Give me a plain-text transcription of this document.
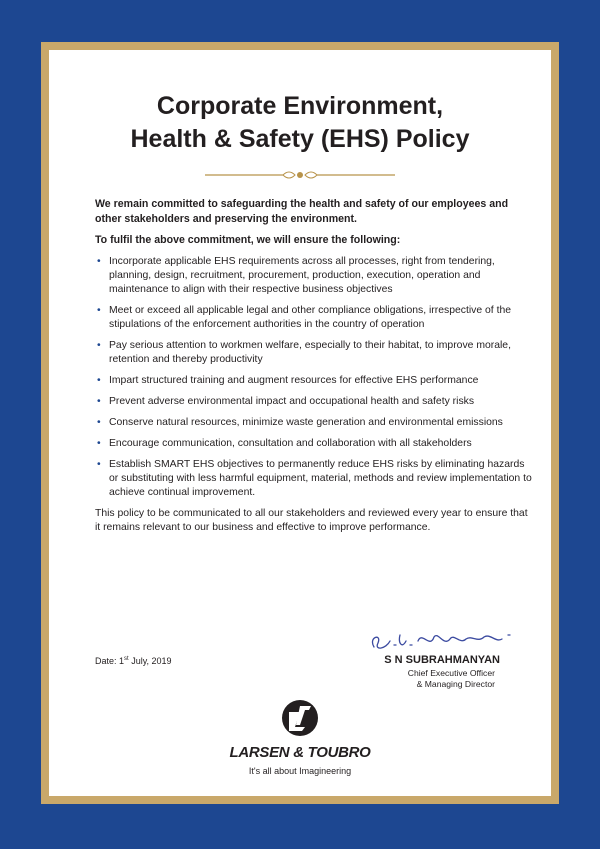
Corporate Environment,
Health & Safety (EHS) Policy

We remain committed to safeguarding the health and safety of our employees and other stakeholders and preserving the environment.

To fulfil the above commitment, we will ensure the following:

• Incorporate applicable EHS requirements across all processes, right from tendering, planning, design, recruitment, procurement, production, execution, operation and maintenance to align with their respective business objectives
• Meet or exceed all applicable legal and other compliance obligations, irrespective of the stipulations of the enforcement authorities in the country of operation
• Pay serious attention to workmen welfare, especially to their habitat, to improve morale, retention and thereby productivity
• Impart structured training and augment resources for effective EHS performance
• Prevent adverse environmental impact and occupational health and safety risks
• Conserve natural resources, minimize waste generation and environmental emissions
• Encourage communication, consultation and collaboration with all stakeholders
• Establish SMART EHS objectives to permanently reduce EHS risks by eliminating hazards or substituting with less harmful equipment, material, methods and review implementation to achieve continual improvement.

This policy to be communicated to all our stakeholders and reviewed every year to ensure that it remains relevant to our business and effective to improve performance.

Date: 1st July, 2019	S N SUBRAHMANYAN
Chief Executive Officer
& Managing Director
LARSEN & TOUBRO
It's all about Imagineering
